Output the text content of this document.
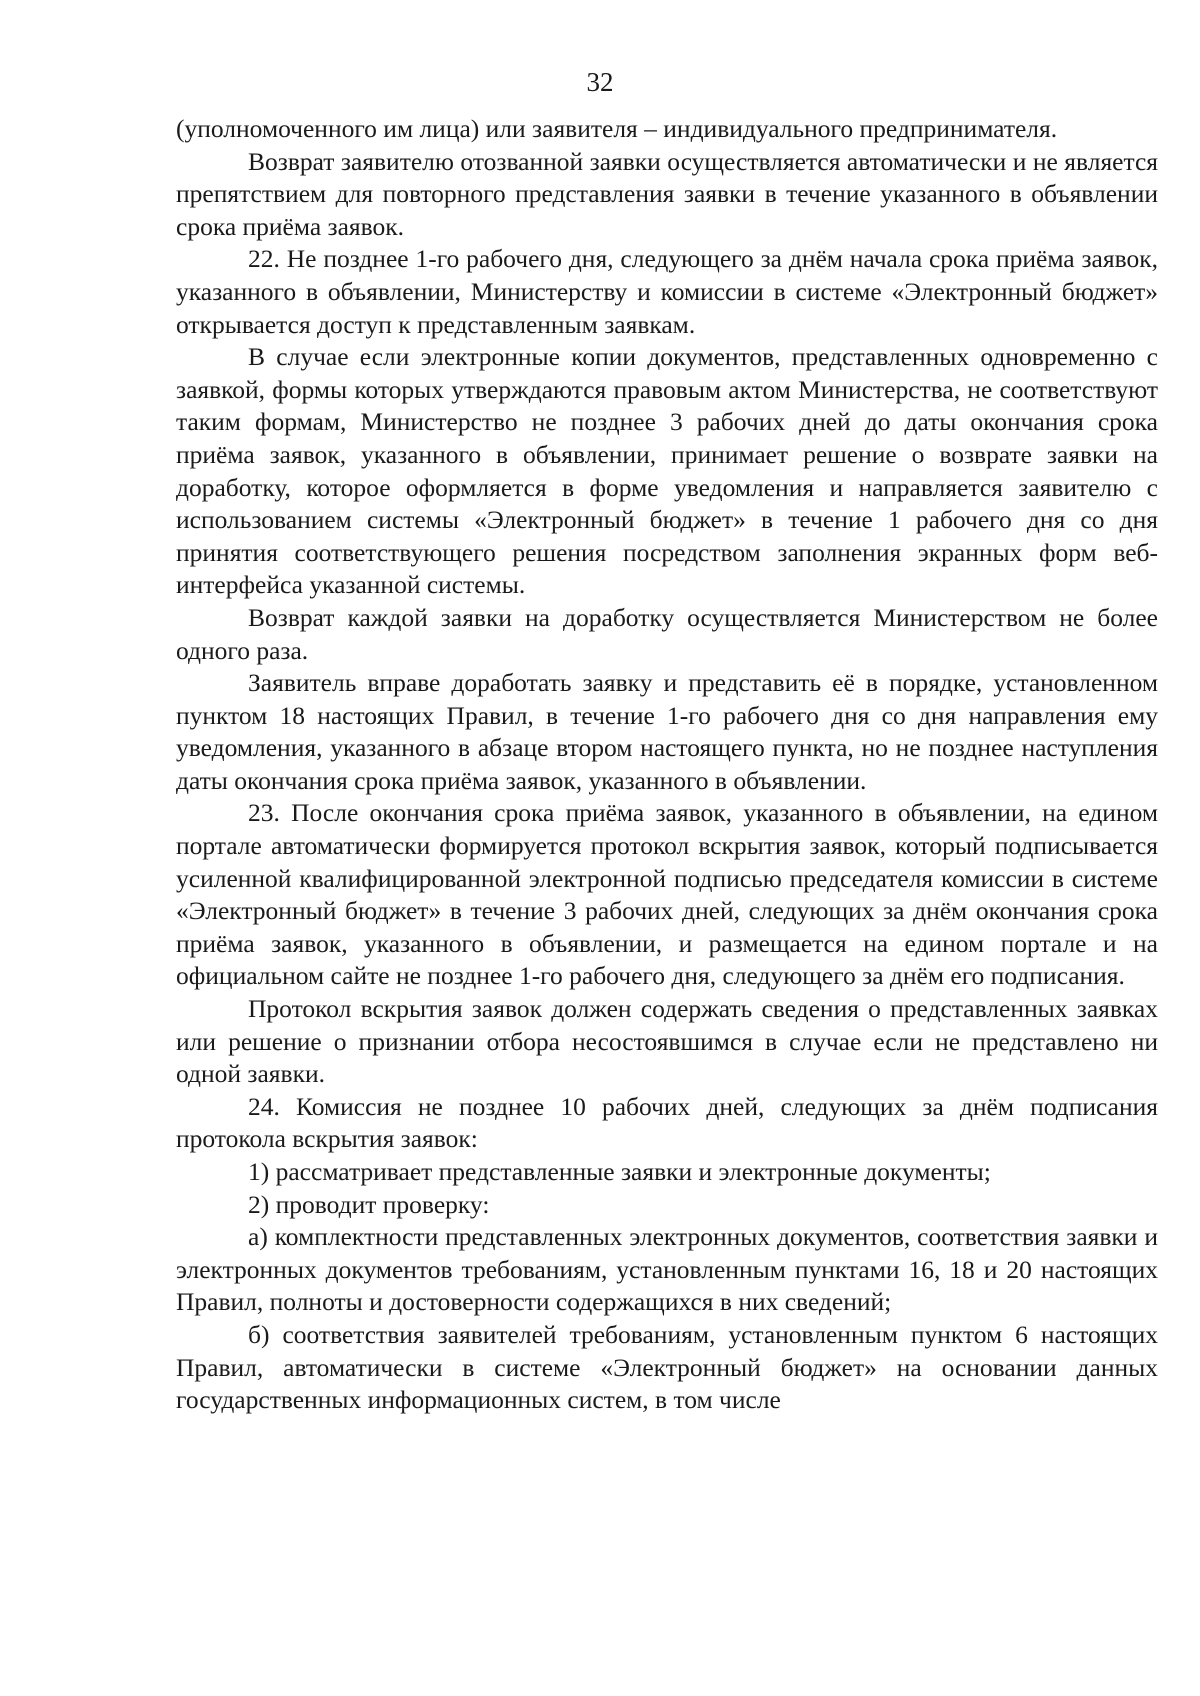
32

(уполномоченного им лица) или заявителя – индивидуального предпринимателя.

Возврат заявителю отозванной заявки осуществляется автоматически и не является препятствием для повторного представления заявки в течение указанного в объявлении срока приёма заявок.

22. Не позднее 1-го рабочего дня, следующего за днём начала срока приёма заявок, указанного в объявлении, Министерству и комиссии в системе «Электронный бюджет» открывается доступ к представленным заявкам.

В случае если электронные копии документов, представленных одновременно с заявкой, формы которых утверждаются правовым актом Министерства, не соответствуют таким формам, Министерство не позднее 3 рабочих дней до даты окончания срока приёма заявок, указанного в объявлении, принимает решение о возврате заявки на доработку, которое оформляется в форме уведомления и направляется заявителю с использованием системы «Электронный бюджет» в течение 1 рабочего дня со дня принятия соответствующего решения посредством заполнения экранных форм веб-интерфейса указанной системы.

Возврат каждой заявки на доработку осуществляется Министерством не более одного раза.

Заявитель вправе доработать заявку и представить её в порядке, установленном пунктом 18 настоящих Правил, в течение 1-го рабочего дня со дня направления ему уведомления, указанного в абзаце втором настоящего пункта, но не позднее наступления даты окончания срока приёма заявок, указанного в объявлении.

23. После окончания срока приёма заявок, указанного в объявлении, на едином портале автоматически формируется протокол вскрытия заявок, который подписывается усиленной квалифицированной электронной подписью председателя комиссии в системе «Электронный бюджет» в течение 3 рабочих дней, следующих за днём окончания срока приёма заявок, указанного в объявлении, и размещается на едином портале и на официальном сайте не позднее 1-го рабочего дня, следующего за днём его подписания.

Протокол вскрытия заявок должен содержать сведения о представленных заявках или решение о признании отбора несостоявшимся в случае если не представлено ни одной заявки.

24. Комиссия не позднее 10 рабочих дней, следующих за днём подписания протокола вскрытия заявок:

1) рассматривает представленные заявки и электронные документы;

2) проводит проверку:

а) комплектности представленных электронных документов, соответствия заявки и электронных документов требованиям, установленным пунктами 16, 18 и 20 настоящих Правил, полноты и достоверности содержащихся в них сведений;

б) соответствия заявителей требованиям, установленным пунктом 6 настоящих Правил, автоматически в системе «Электронный бюджет» на основании данных государственных информационных систем, в том числе
